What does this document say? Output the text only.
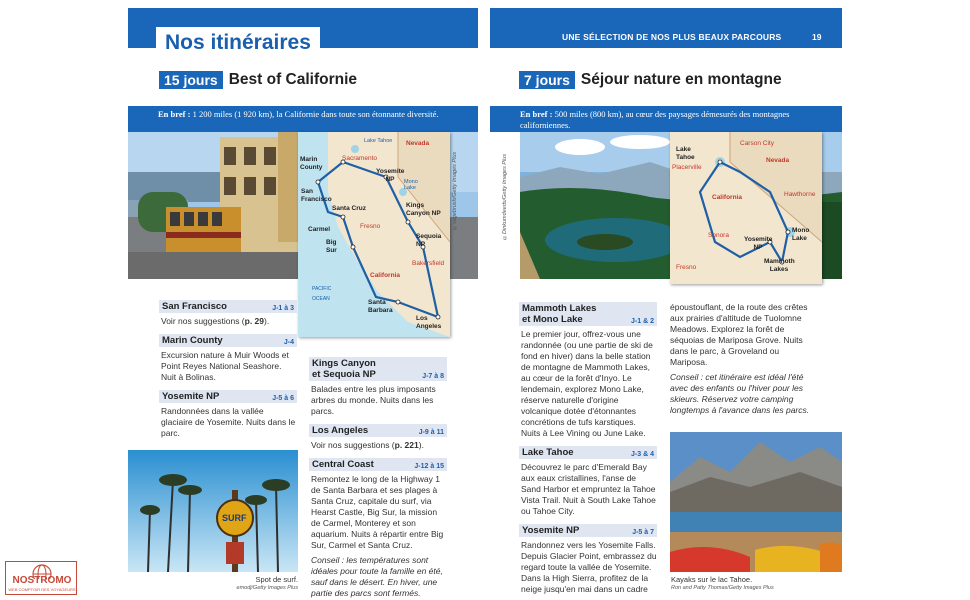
Nos itinéraires
15 jours Best of Californie
En bref : 1 200 miles (1 920 km), la Californie dans toute son étonnante diversité.
Lake Tahoe Nevada
Marin County
Sacramento
Yosemite NP	Mono Lake
San Francisco
Santa Cruz	Kings Canyon NP
Carmel	Fresno
Sequoia NP
Big Sur
Bakersfield
California
PACIFIC OCEAN	Santa Barbara
Los Angeles
©sagebrush/Getty Images Plus
San Francisco	J-1 à 3
Voir nos suggestions (p. 29).
Marin County	J-4
Excursion nature à Muir Woods et Point Reyes National Seashore. Nuit à Bolinas.
Yosemite NP	J-5 à 6
Randonnées dans la vallée glaciaire de Yosemite. Nuits dans le parc.
Kings Canyon
et Sequoia NP	J-7 à 8
Balades entre les plus imposants arbres du monde. Nuits dans les parcs.
Los Angeles	J-9 à 11
Voir nos suggestions (p. 221).
Central Coast	J-12 à 15
Remontez le long de la Highway 1 de Santa Barbara et ses plages à Santa Cruz, capitale du surf, via Hearst Castle, Big Sur, la mission de Carmel, Monterey et son aquarium. Nuits à répartir entre Big Sur, Carmel et Santa Cruz.
Conseil : les températures sont idéales pour toute la famille en été, sauf dans le désert. En hiver, une partie des parcs sont fermés.
SURF
Spot de surf.
emodj/Getty Images Plus
NOSTROMO
WEB COMPTOIR DES VOYAGEURS
UNE SÉLECTION DE NOS PLUS BEAUX PARCOURS	19
7 jours Séjour nature en montagne
En bref : 500 miles (800 km), au cœur des paysages démesurés des montagnes californiennes.
©Dinkumdeeds/Getty Images Plus
Lake Tahoe
Carson City
Placerville
Nevada
Hawthorne
California
Mono Lake
Sonora
Yosemite NP
Mammoth Lakes
Fresno
Mammoth Lakes
et Mono Lake	J-1 & 2
Le premier jour, offrez-vous une randonnée (ou une partie de ski de fond en hiver) dans la belle station de montagne de Mammoth Lakes, au cœur de la forêt d'Inyo. Le lendemain, explorez Mono Lake, réserve naturelle d'origine volcanique dotée d'étonnantes concrétions de tufs karstiques. Nuits à Lee Vining ou June Lake.
Lake Tahoe	J-3 & 4
Découvrez le parc d'Emerald Bay aux eaux cristallines, l'anse de Sand Harbor et empruntez la Tahoe Vista Trail. Nuit à South Lake Tahoe ou Tahoe City.
Yosemite NP	J-5 à 7
Randonnez vers les Yosemite Falls. Depuis Glacier Point, embrassez du regard toute la vallée de Yosemite. Dans la High Sierra, profitez de la neige jusqu'en mai dans un cadre
époustouflant, de la route des crêtes aux prairies d'altitude de Tuolomne Meadows. Explorez la forêt de séquoias de Mariposa Grove. Nuits dans le parc, à Groveland ou Mariposa.
Conseil : cet itinéraire est idéal l'été avec des enfants ou l'hiver pour les skieurs. Réservez votre camping longtemps à l'avance dans les parcs.
Kayaks sur le lac Tahoe.
Ron and Patty Thomas/Getty Images Plus
